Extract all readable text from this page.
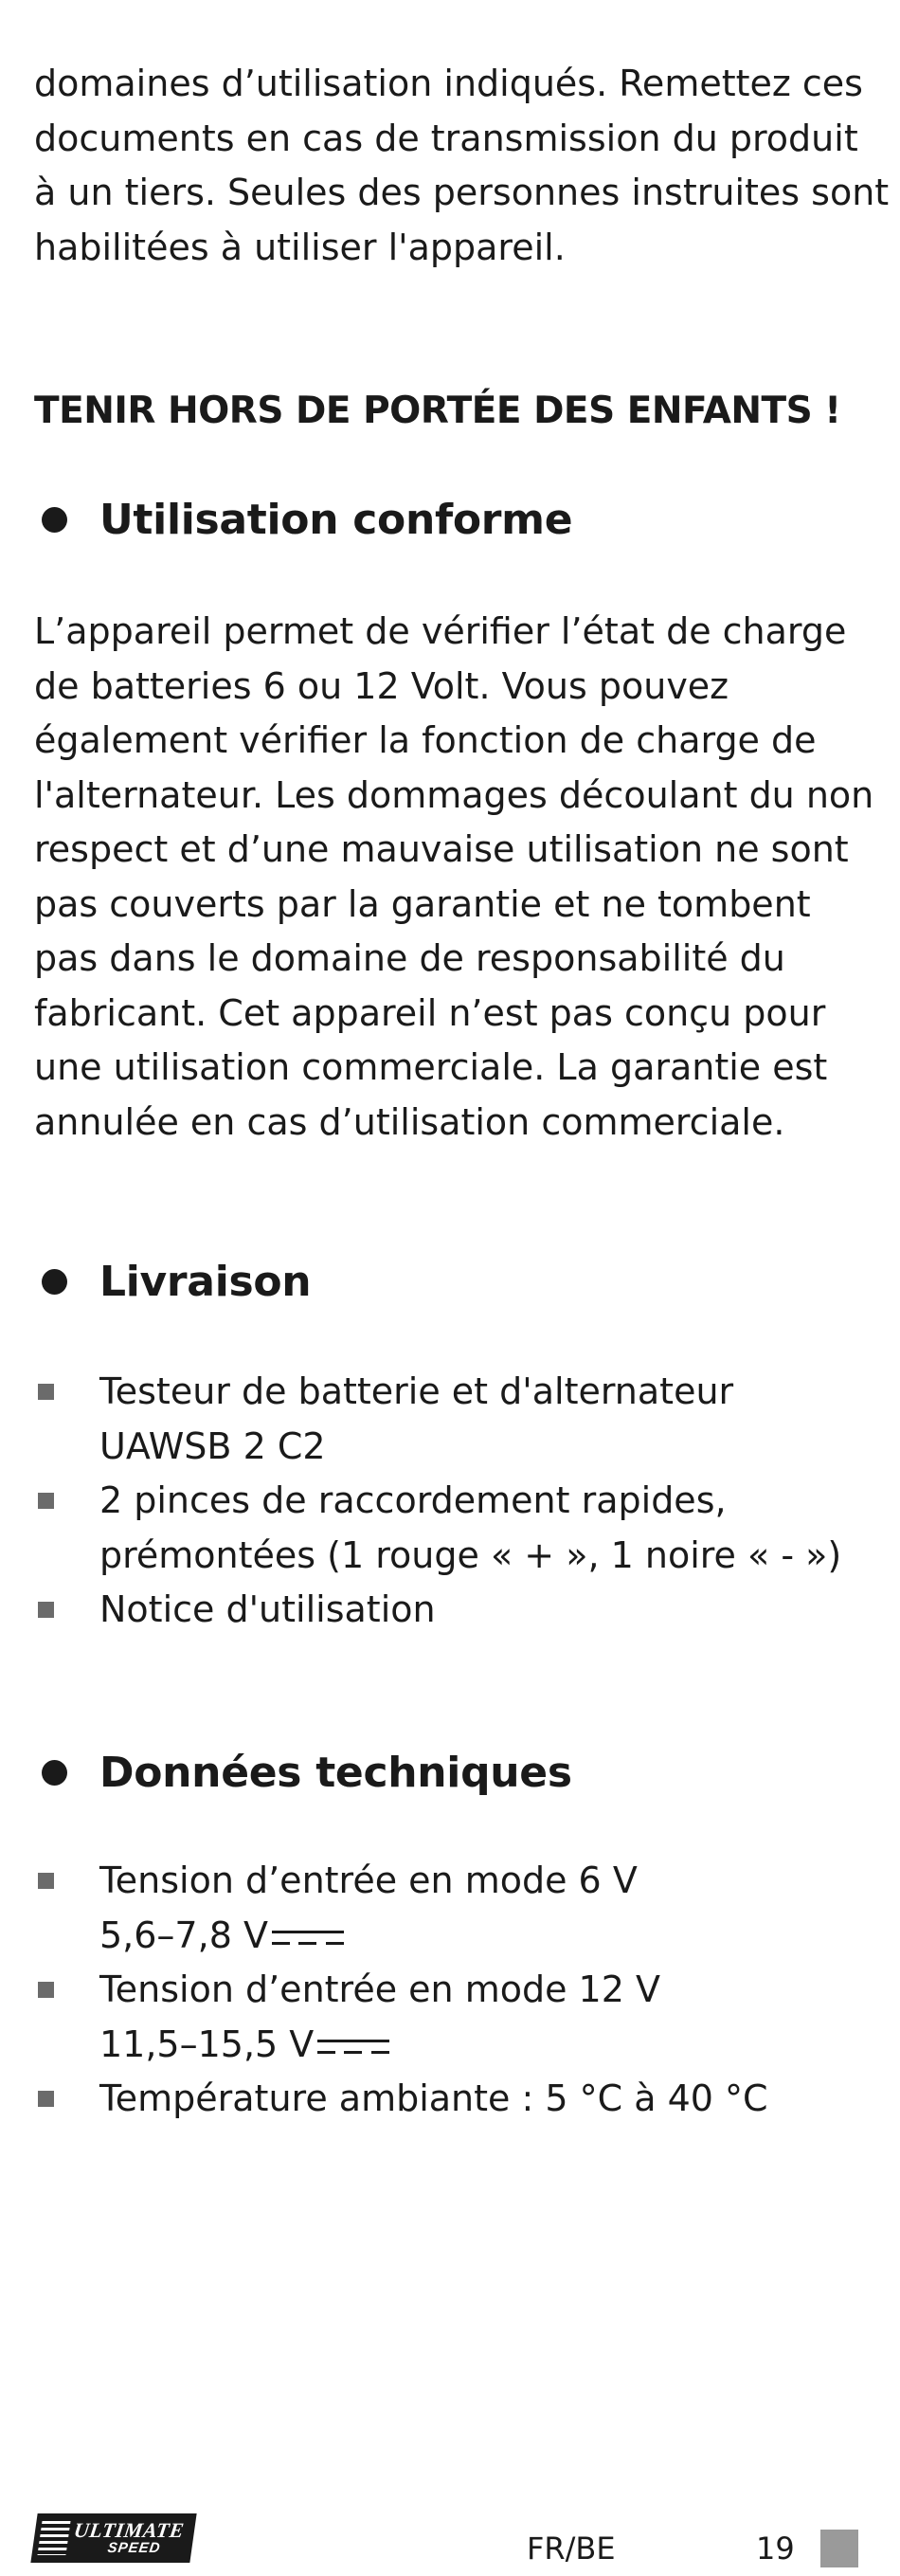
domaines d’utilisation indiqués. Remettez ces
documents en cas de transmission du produit
à un tiers. Seules des personnes instruites sont
habilitées à utiliser l'appareil.

TENIR HORS DE PORTÉE DES ENFANTS !

Utilisation conforme

L’appareil permet de vérifier l’état de charge
de batteries 6 ou 12 Volt. Vous pouvez
également vérifier la fonction de charge de
l'alternateur. Les dommages découlant du non
respect et d’une mauvaise utilisation ne sont
pas couverts par la garantie et ne tombent
pas dans le domaine de responsabilité du
fabricant. Cet appareil n’est pas conçu pour
une utilisation commerciale. La garantie est
annulée en cas d’utilisation commerciale.

Livraison
Testeur de batterie et d'alternateur
UAWSB 2 C2
2 pinces de raccordement rapides,
prémontées (1 rouge « + », 1 noire « - »)
Notice d'utilisation
Données techniques
Tension d’entrée en mode 6 V
5,6–7,8 V
Tension d’entrée en mode 12 V
11,5–15,5 V
Température ambiante : 5 °C à 40 °C
ULTIMATE
SPEED	FR/BE	19
